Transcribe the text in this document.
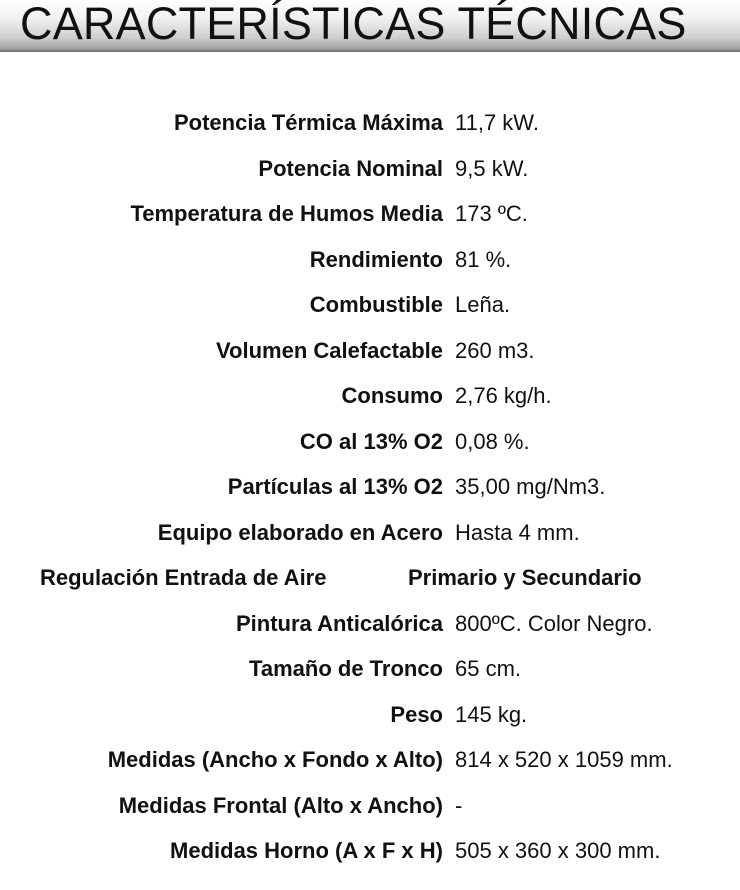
CARACTERÍSTICAS TÉCNICAS
Potencia Térmica Máxima 11,7 kW.
Potencia Nominal 9,5 kW.
Temperatura de Humos Media 173 ºC.
Rendimiento 81 %.
Combustible Leña.
Volumen Calefactable 260 m3.
Consumo 2,76 kg/h.
CO al 13% O2 0,08 %.
Partículas al 13% O2 35,00 mg/Nm3.
Equipo elaborado en Acero Hasta 4 mm.
Regulación Entrada de Aire	Primario y Secundario
Pintura Anticalórica 800ºC. Color Negro.
Tamaño de Tronco 65 cm.
Peso 145 kg.
Medidas (Ancho x Fondo x Alto) 814 x 520 x 1059 mm.
Medidas Frontal (Alto x Ancho) -
Medidas Horno (A x F x H) 505 x 360 x 300 mm.
